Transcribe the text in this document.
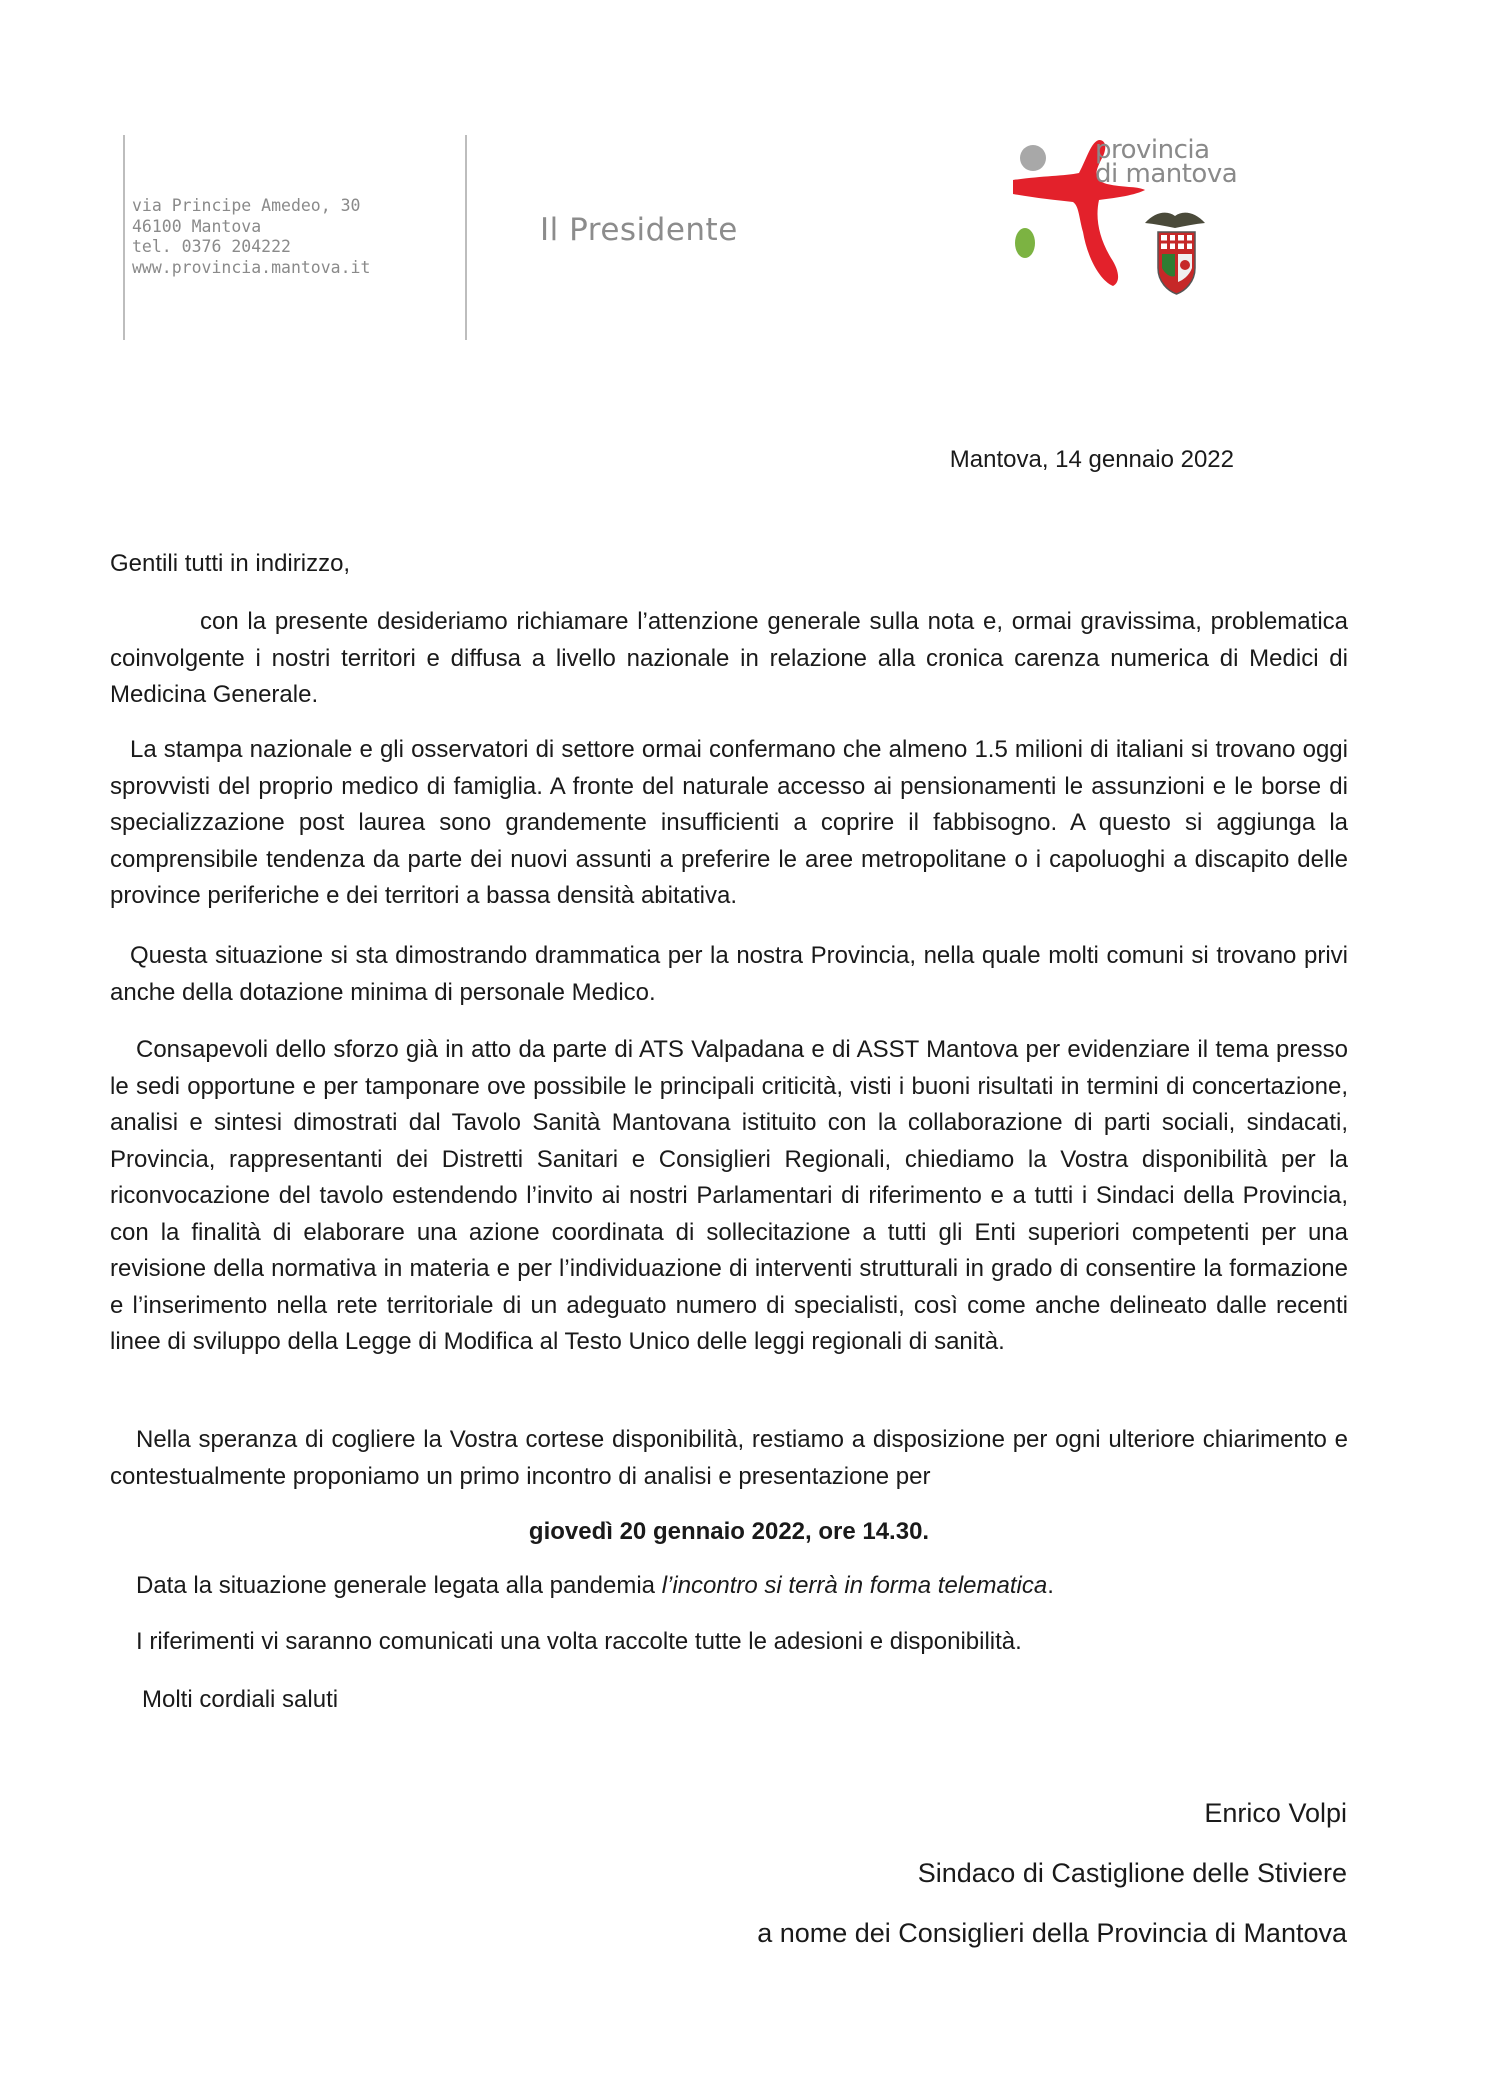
via Principe Amedeo, 30
46100 Mantova
tel. 0376 204222
www.provincia.mantova.it
Il Presidente
provincia
di mantova
Mantova, 14 gennaio 2022

Gentili tutti in indirizzo,

con la presente desideriamo richiamare l’attenzione generale sulla nota e, ormai gravissima, problematica coinvolgente i nostri territori e diffusa a livello nazionale in relazione alla cronica carenza numerica di Medici di Medicina Generale.

La stampa nazionale e gli osservatori di settore ormai confermano che almeno 1.5 milioni di italiani si trovano oggi sprovvisti del proprio medico di famiglia. A fronte del naturale accesso ai pensionamenti le assunzioni e le borse di specializzazione post laurea sono grandemente insufficienti a coprire il fabbisogno. A questo si aggiunga la comprensibile tendenza da parte dei nuovi assunti a preferire le aree metropolitane o i capoluoghi a discapito delle province periferiche e dei territori a bassa densità abitativa.

Questa situazione si sta dimostrando drammatica per la nostra Provincia, nella quale molti comuni si trovano privi anche della dotazione minima di personale Medico.

Consapevoli dello sforzo già in atto da parte di ATS Valpadana e di ASST Mantova per evidenziare il tema presso le sedi opportune e per tamponare ove possibile le principali criticità, visti i buoni risultati in termini di concertazione, analisi e sintesi dimostrati dal Tavolo Sanità Mantovana istituito con la collaborazione di parti sociali, sindacati, Provincia, rappresentanti dei Distretti Sanitari e Consiglieri Regionali, chiediamo la Vostra disponibilità per la riconvocazione del tavolo estendendo l’invito ai nostri Parlamentari di riferimento e a tutti i Sindaci della Provincia, con la finalità di elaborare una azione coordinata di sollecitazione a tutti gli Enti superiori competenti per una revisione della normativa in materia e per l’individuazione di interventi strutturali in grado di consentire la formazione e l’inserimento nella rete territoriale di un adeguato numero di specialisti, così come anche delineato dalle recenti linee di sviluppo della Legge di Modifica al Testo Unico delle leggi regionali di sanità.

Nella speranza di cogliere la Vostra cortese disponibilità, restiamo a disposizione per ogni ulteriore chiarimento e contestualmente proponiamo un primo incontro di analisi e presentazione per

giovedì 20 gennaio 2022, ore 14.30.
Data la situazione generale legata alla pandemia l’incontro si terrà in forma telematica.
I riferimenti vi saranno comunicati una volta raccolte tutte le adesioni e disponibilità.
Molti cordiali saluti
Enrico Volpi
Sindaco di Castiglione delle Stiviere
a nome dei Consiglieri della Provincia di Mantova
